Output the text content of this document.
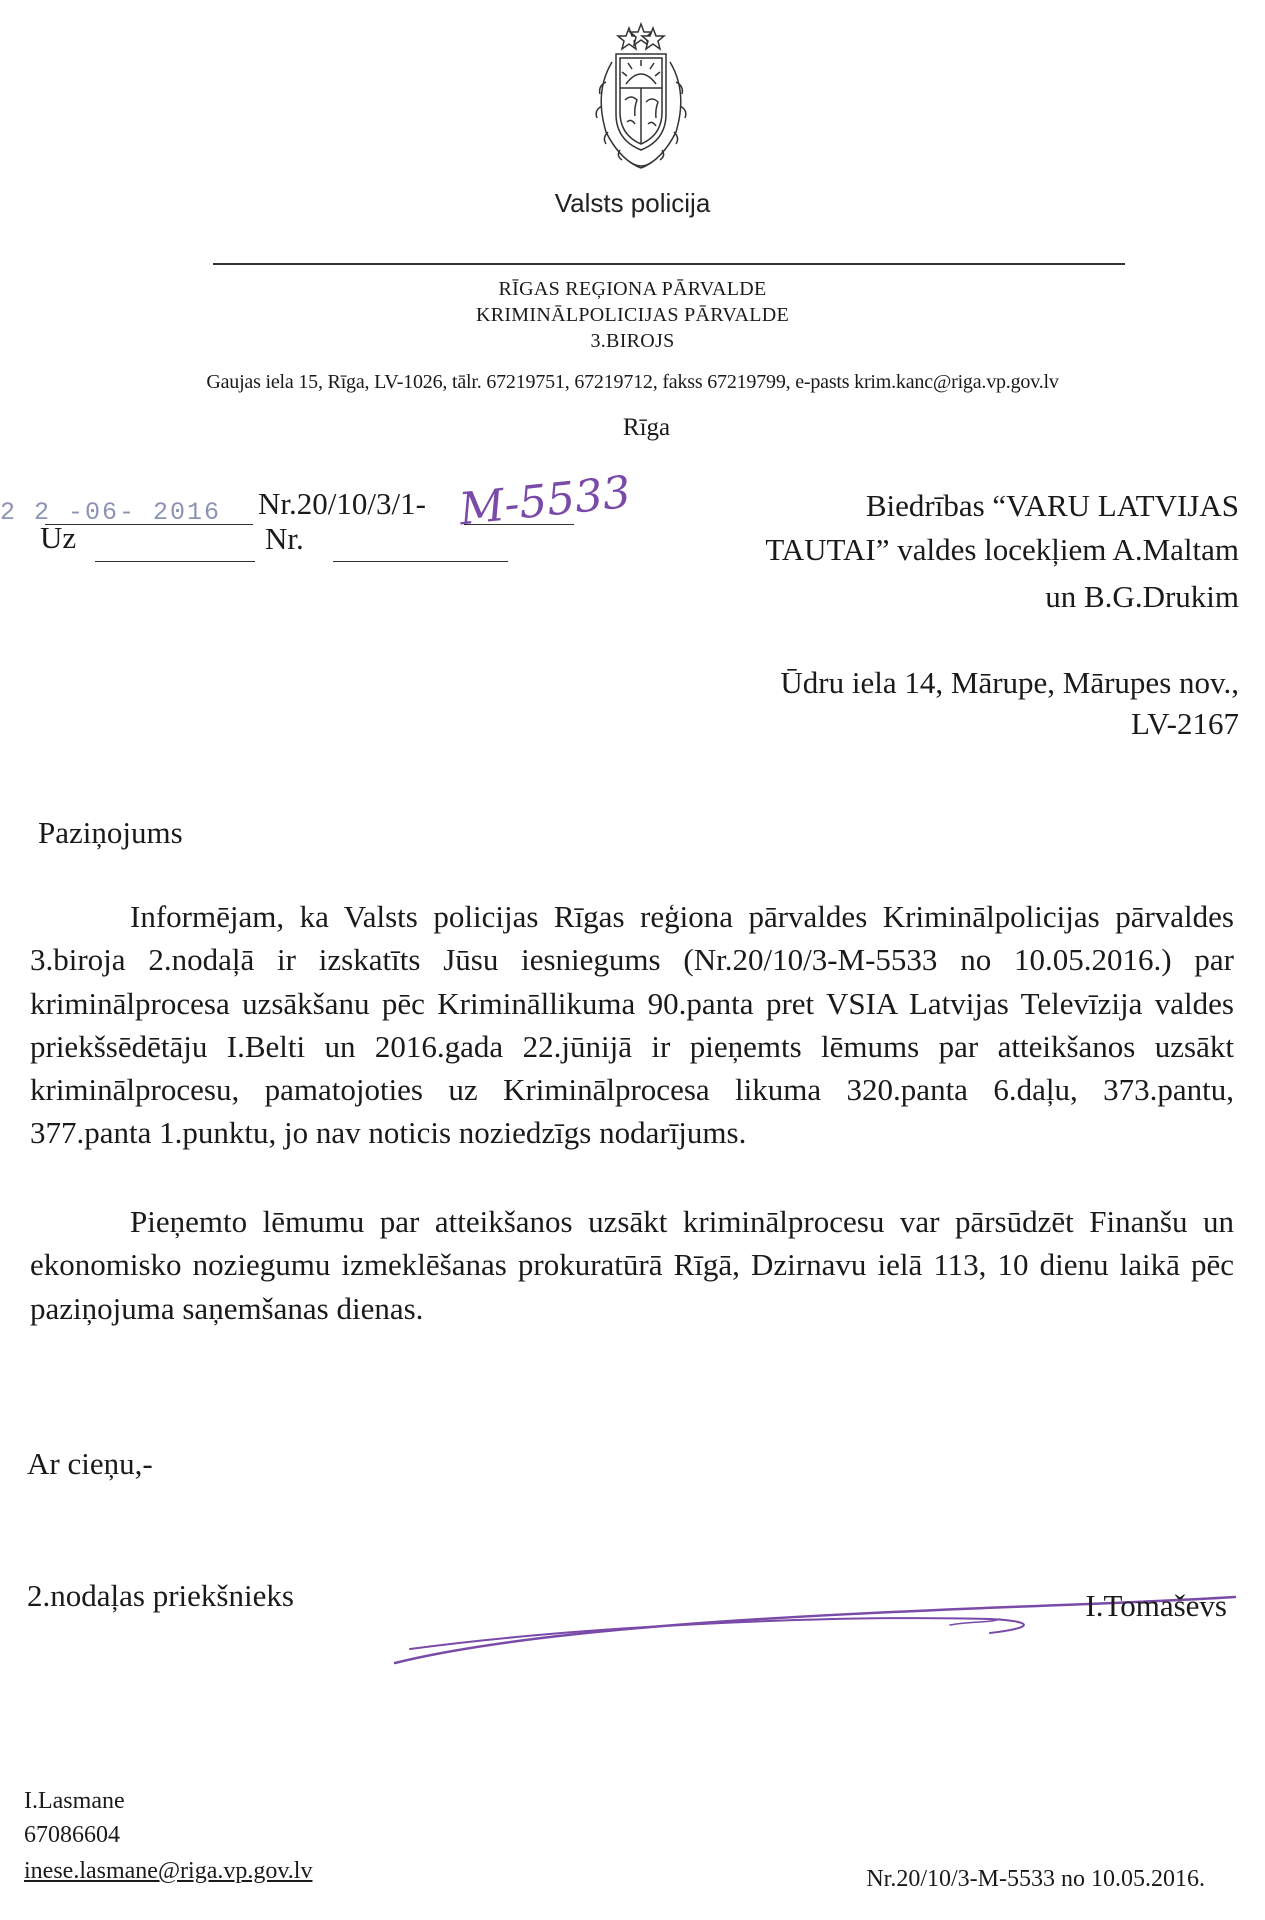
Valsts policija
RĪGAS REĢIONA PĀRVALDE
KRIMINĀLPOLICIJAS PĀRVALDE
3.BIROJS
Gaujas iela 15, Rīga, LV-1026, tālr. 67219751, 67219712, fakss 67219799, e-pasts krim.kanc@riga.vp.gov.lv
Rīga
2 2 -06- 2016 Nr.20/10/3/1- M-5533
Uz	Nr.
Biedrības “VARU LATVIJAS
TAUTAI” valdes locekļiem A.Maltam
un B.G.Drukim
Ūdru iela 14, Mārupe, Mārupes nov.,
LV-2167
Paziņojums
Informējam, ka Valsts policijas Rīgas reģiona pārvaldes Kriminālpolicijas pārvaldes 3.biroja 2.nodaļā ir izskatīts Jūsu iesniegums (Nr.20/10/3-M-5533 no 10.05.2016.) par kriminālprocesa uzsākšanu pēc Krimināllikuma 90.panta pret VSIA Latvijas Televīzija valdes priekšsēdētāju I.Belti un 2016.gada 22.jūnijā ir pieņemts lēmums par atteikšanos uzsākt kriminālprocesu, pamatojoties uz Kriminālprocesa likuma 320.panta 6.daļu, 373.pantu, 377.panta 1.punktu, jo nav noticis noziedzīgs nodarījums.
Pieņemto lēmumu par atteikšanos uzsākt kriminālprocesu var pārsūdzēt Finanšu un ekonomisko noziegumu izmeklēšanas prokuratūrā Rīgā, Dzirnavu ielā 113, 10 dienu laikā pēc paziņojuma saņemšanas dienas.
Ar cieņu,-
2.nodaļas priekšnieks	I.Tomaševs
I.Lasmane
67086604
inese.lasmane@riga.vp.gov.lv	Nr.20/10/3-M-5533 no 10.05.2016.
